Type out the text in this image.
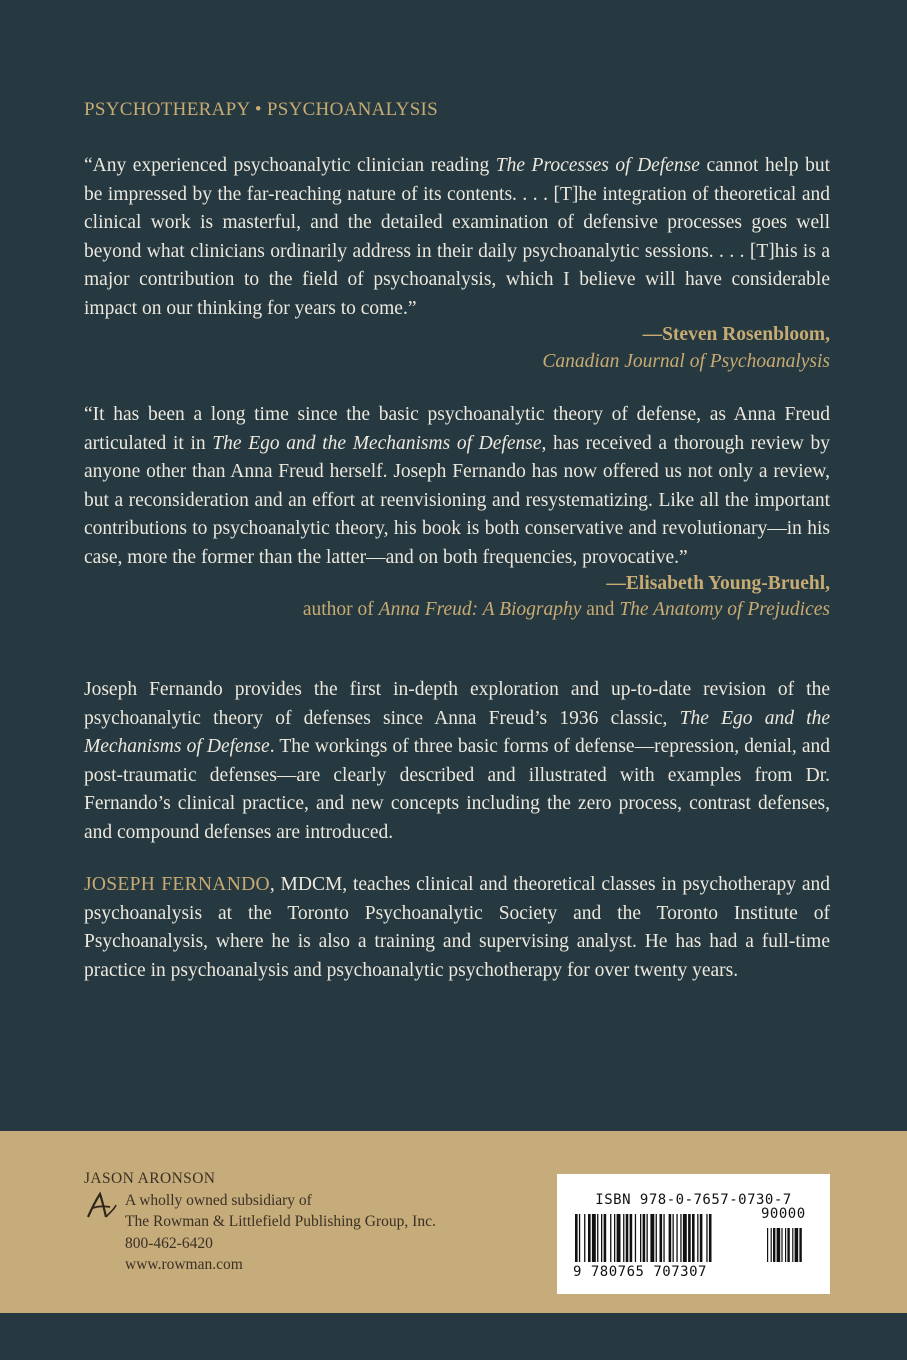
PSYCHOTHERAPY • PSYCHOANALYSIS

“Any experienced psychoanalytic clinician reading The Processes of Defense cannot help but be impressed by the far-reaching nature of its contents. . . . [T]he integration of theoretical and clinical work is masterful, and the detailed examination of defensive processes goes well beyond what clinicians ordinarily address in their daily psychoanalytic sessions. . . . [T]his is a major contribution to the field of psychoanalysis, which I believe will have considerable impact on our thinking for years to come.”

—Steven Rosenbloom,
Canadian Journal of Psychoanalysis

“It has been a long time since the basic psychoanalytic theory of defense, as Anna Freud articulated it in The Ego and the Mechanisms of Defense, has received a thorough review by anyone other than Anna Freud herself. Joseph Fernando has now offered us not only a review, but a reconsideration and an effort at reenvisioning and resystematizing. Like all the important contributions to psychoanalytic theory, his book is both conservative and revolutionary—in his case, more the former than the latter—and on both frequencies, provocative.”

—Elisabeth Young-Bruehl,
author of Anna Freud: A Biography and The Anatomy of Prejudices

Joseph Fernando provides the first in-depth exploration and up-to-date revision of the psychoanalytic theory of defenses since Anna Freud’s 1936 classic, The Ego and the Mechanisms of Defense. The workings of three basic forms of defense—repression, denial, and post-traumatic defenses—are clearly described and illustrated with examples from Dr. Fernando’s clinical practice, and new concepts including the zero process, contrast defenses, and compound defenses are introduced.

JOSEPH FERNANDO, MDCM, teaches clinical and theoretical classes in psychotherapy and psychoanalysis at the Toronto Psychoanalytic Society and the Toronto Institute of Psychoanalysis, where he is also a training and supervising analyst. He has had a full-time practice in psychoanalysis and psychoanalytic psychotherapy for over twenty years.

JASON ARONSON
A wholly owned subsidiary of
The Rowman & Littlefield Publishing Group, Inc.
800-462-6420
www.rowman.com
ISBN 978-0-7657-0730-7
90000
9 780765 707307
